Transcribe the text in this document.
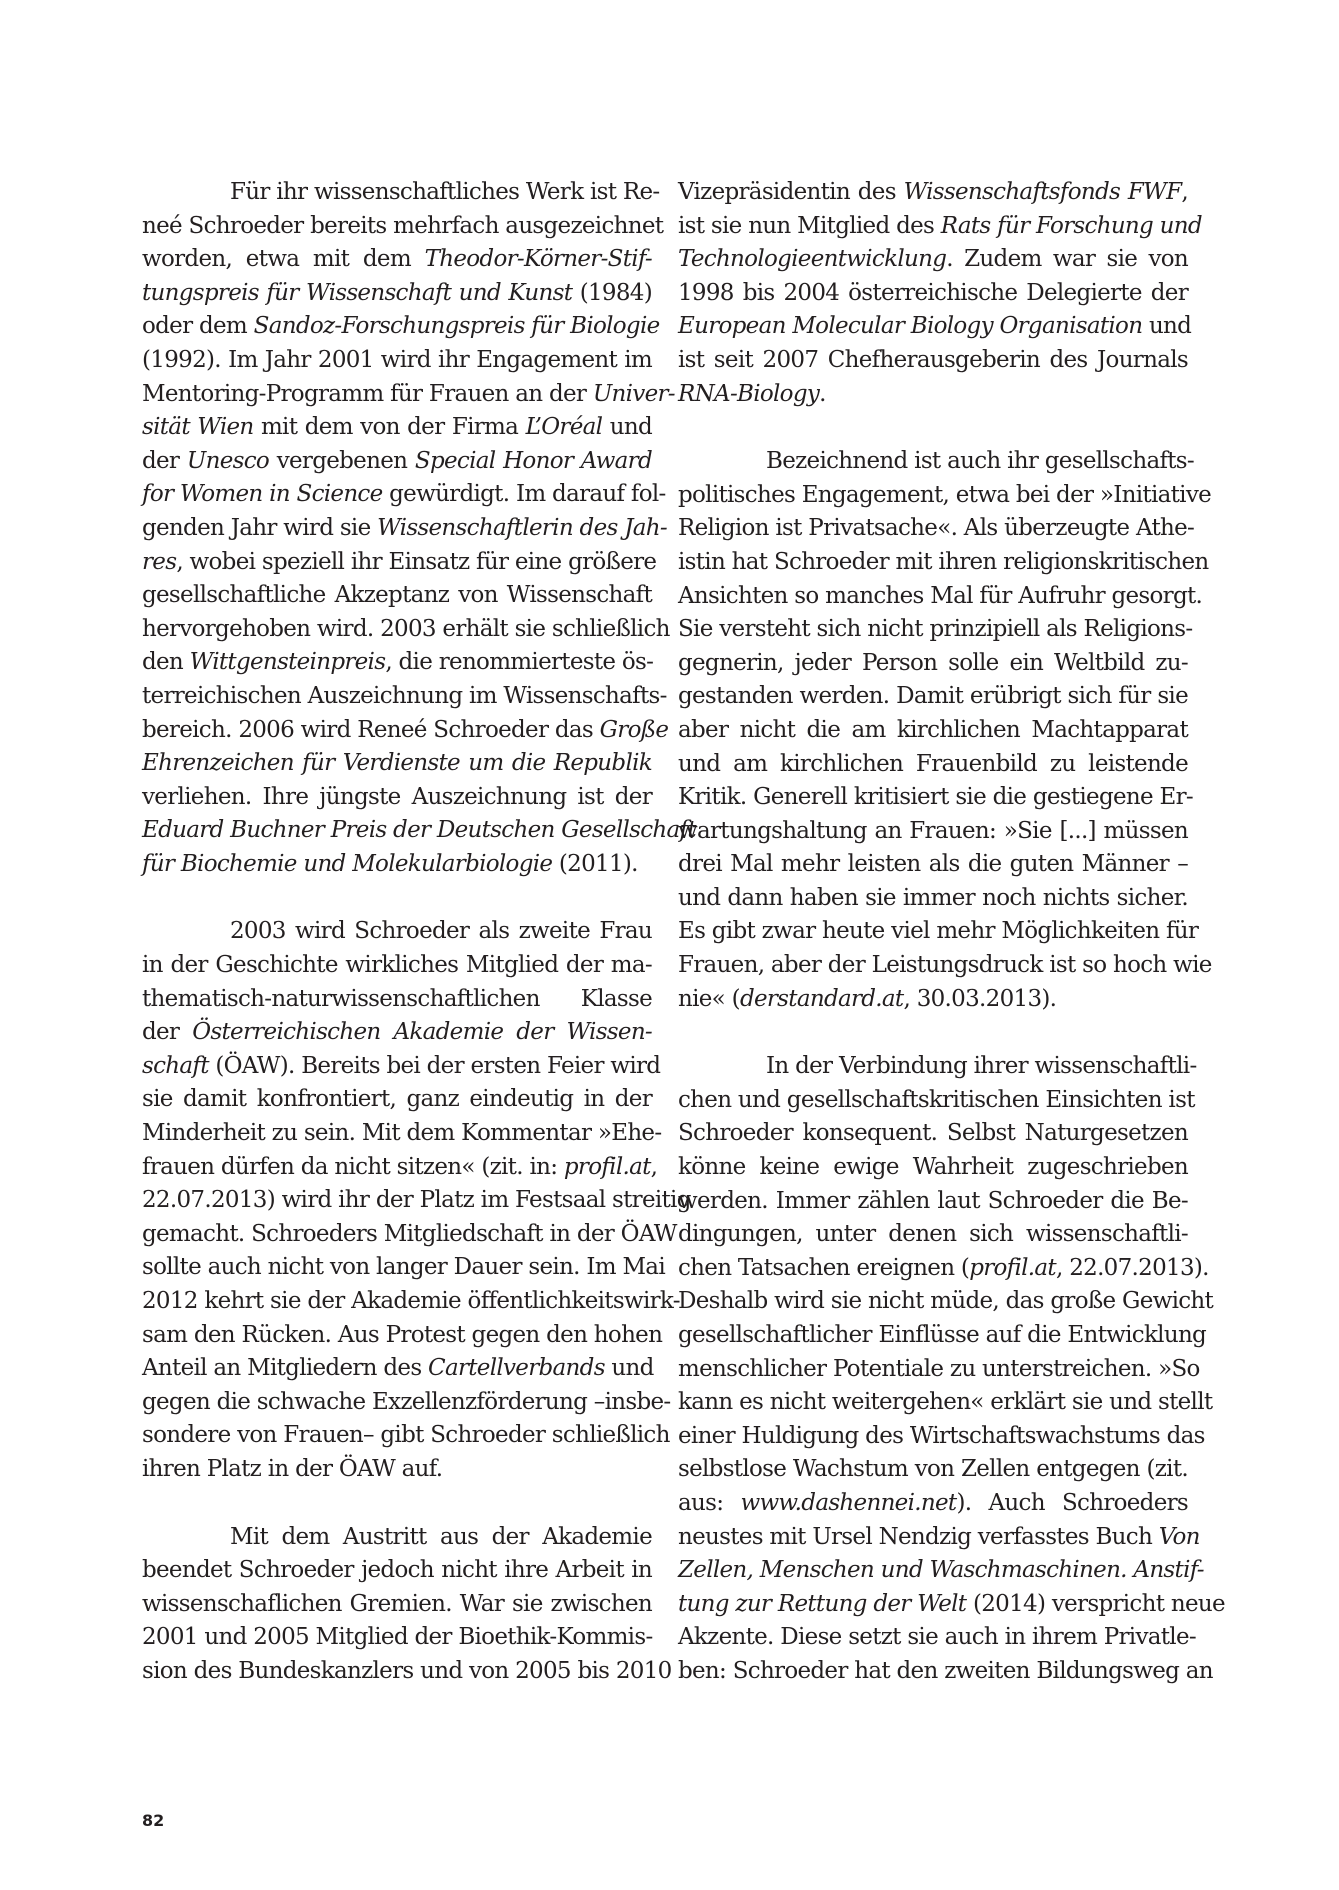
Für ihr wissenschaftliches Werk ist Re-
neé Schroeder bereits mehrfach ausgezeichnet
worden, etwa mit dem Theodor-Körner-Stif-
tungspreis für Wissenschaft und Kunst (1984)
oder dem Sandoz-Forschungspreis für Biologie
(1992). Im Jahr 2001 wird ihr Engagement im
Mentoring-Programm für Frauen an der Univer-
sität Wien mit dem von der Firma L’Oréal und
der Unesco vergebenen Special Honor Award
for Women in Science gewürdigt. Im darauf fol-
genden Jahr wird sie Wissenschaftlerin des Jah-
res, wobei speziell ihr Einsatz für eine größere
gesellschaftliche Akzeptanz von Wissenschaft
hervorgehoben wird. 2003 erhält sie schließlich
den Wittgensteinpreis, die renommierteste ös-
terreichischen Auszeichnung im Wissenschafts-
bereich. 2006 wird Reneé Schroeder das Große
Ehrenzeichen für Verdienste um die Republik
verliehen. Ihre jüngste Auszeichnung ist der
Eduard Buchner Preis der Deutschen Gesellschaft
für Biochemie und Molekularbiologie (2011).

2003 wird Schroeder als zweite Frau
in der Geschichte wirkliches Mitglied der ma-
thematisch-naturwissenschaftlichen Klasse
der Österreichischen Akademie der Wissen-
schaft (ÖAW). Bereits bei der ersten Feier wird
sie damit konfrontiert, ganz eindeutig in der
Minderheit zu sein. Mit dem Kommentar »Ehe-
frauen dürfen da nicht sitzen« (zit. in: profil.at,
22.07.2013) wird ihr der Platz im Festsaal streitig
gemacht. Schroeders Mitgliedschaft in der ÖAW
sollte auch nicht von langer Dauer sein. Im Mai
2012 kehrt sie der Akademie öffentlichkeitswirk-
sam den Rücken. Aus Protest gegen den hohen
Anteil an Mitgliedern des Cartellverbands und
gegen die schwache Exzellenzförderung –insbe-
sondere von Frauen– gibt Schroeder schließlich
ihren Platz in der ÖAW auf.

Mit dem Austritt aus der Akademie
beendet Schroeder jedoch nicht ihre Arbeit in
wissenschaflichen Gremien. War sie zwischen
2001 und 2005 Mitglied der Bioethik-Kommis-
sion des Bundeskanzlers und von 2005 bis 2010

Vizepräsidentin des Wissenschaftsfonds FWF,
ist sie nun Mitglied des Rats für Forschung und
Technologieentwicklung. Zudem war sie von
1998 bis 2004 österreichische Delegierte der
European Molecular Biology Organisation und
ist seit 2007 Chefherausgeberin des Journals
RNA-Biology.

Bezeichnend ist auch ihr gesellschafts-
politisches Engagement, etwa bei der »Initiative
Religion ist Privatsache«. Als überzeugte Athe-
istin hat Schroeder mit ihren religionskritischen
Ansichten so manches Mal für Aufruhr gesorgt.
Sie versteht sich nicht prinzipiell als Religions-
gegnerin, jeder Person solle ein Weltbild zu-
gestanden werden. Damit erübrigt sich für sie
aber nicht die am kirchlichen Machtapparat
und am kirchlichen Frauenbild zu leistende
Kritik. Generell kritisiert sie die gestiegene Er-
wartungshaltung an Frauen: »Sie [...] müssen
drei Mal mehr leisten als die guten Männer –
und dann haben sie immer noch nichts sicher.
Es gibt zwar heute viel mehr Möglichkeiten für
Frauen, aber der Leistungsdruck ist so hoch wie
nie« (derstandard.at, 30.03.2013).

In der Verbindung ihrer wissenschaftli-
chen und gesellschaftskritischen Einsichten ist
Schroeder konsequent. Selbst Naturgesetzen
könne keine ewige Wahrheit zugeschrieben
werden. Immer zählen laut Schroeder die Be-
dingungen, unter denen sich wissenschaftli-
chen Tatsachen ereignen (profil.at, 22.07.2013).
Deshalb wird sie nicht müde, das große Gewicht
gesellschaftlicher Einflüsse auf die Entwicklung
menschlicher Potentiale zu unterstreichen. »So
kann es nicht weitergehen« erklärt sie und stellt
einer Huldigung des Wirtschaftswachstums das
selbstlose Wachstum von Zellen entgegen (zit.
aus: www.dashennei.net). Auch Schroeders
neustes mit Ursel Nendzig verfasstes Buch Von
Zellen, Menschen und Waschmaschinen. Anstif-
tung zur Rettung der Welt (2014) verspricht neue
Akzente. Diese setzt sie auch in ihrem Privatle-
ben: Schroeder hat den zweiten Bildungsweg an

82
